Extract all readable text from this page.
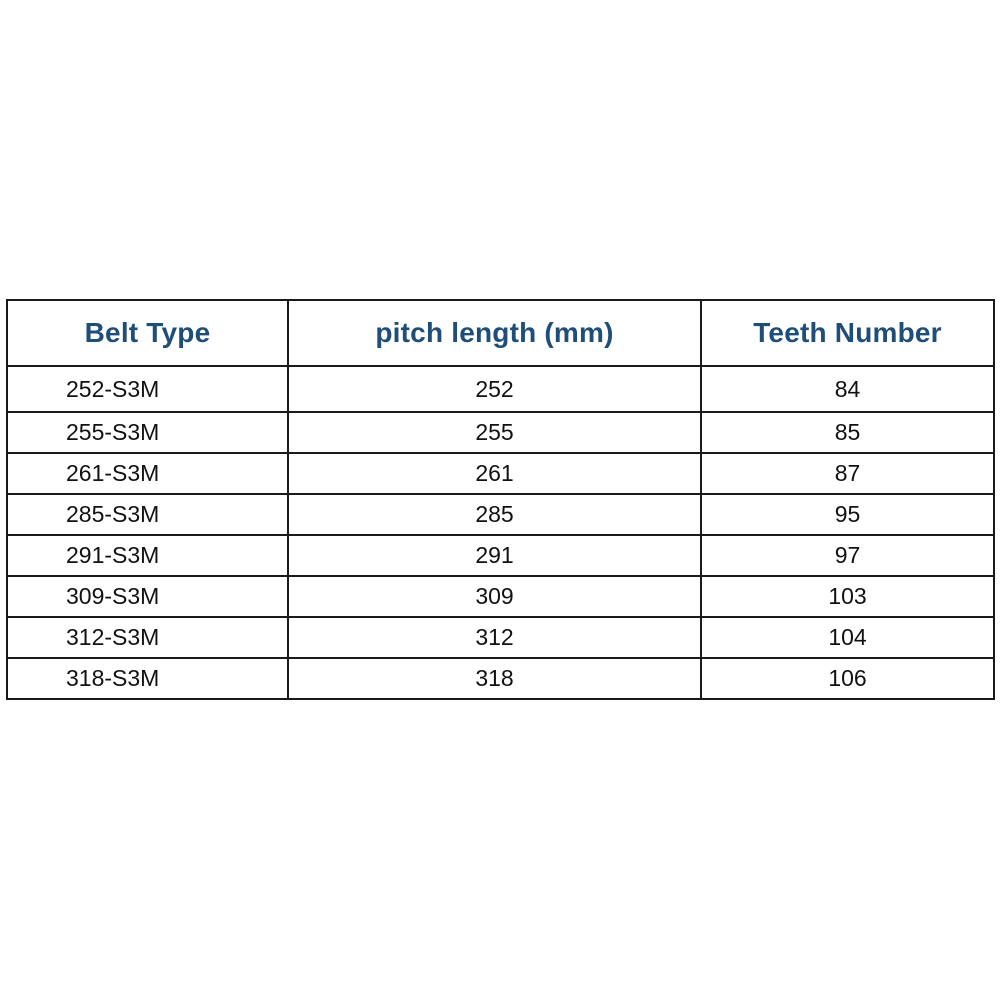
Belt Type	pitch length (mm)	Teeth Number
252-S3M	252	84
255-S3M	255	85
261-S3M	261	87
285-S3M	285	95
291-S3M	291	97
309-S3M	309	103
312-S3M	312	104
318-S3M	318	106
